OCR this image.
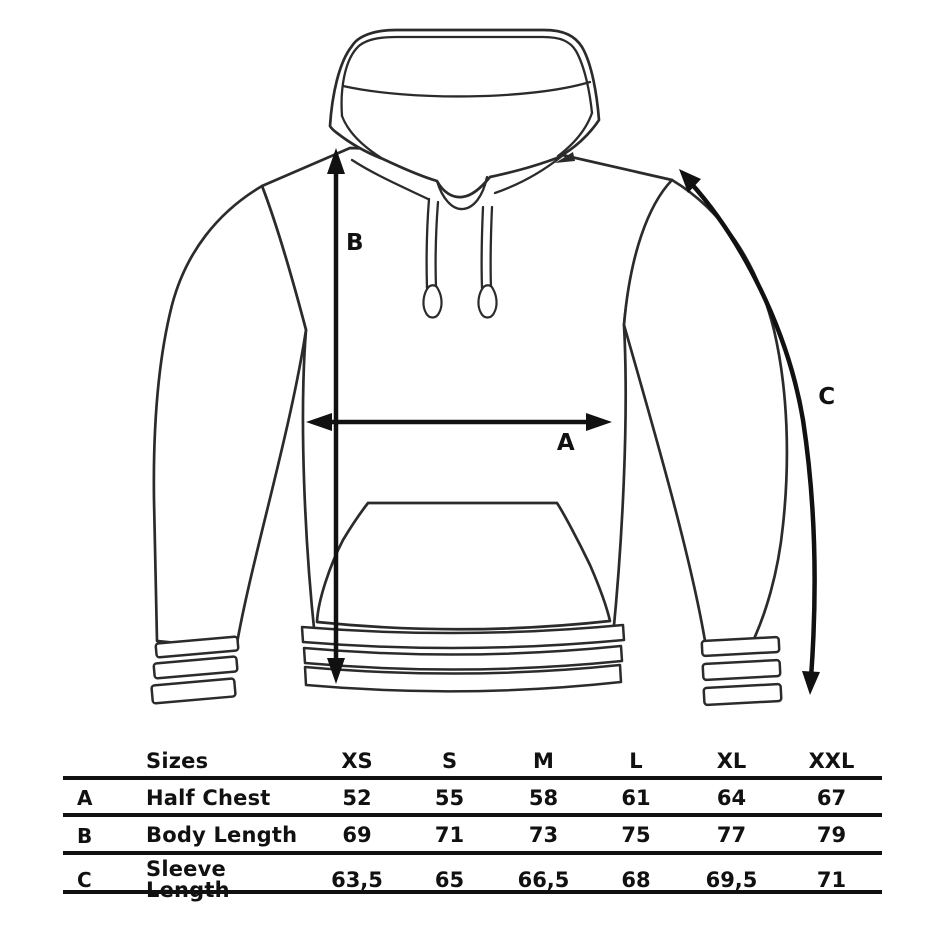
A
B
C
Sizes	XS	S	M	L	XL	XXL
A	Half Chest	52	55	58	61	64	67
B	Body Length	69	71	73	75	77	79
C	Sleeve Length	63,5	65	66,5	68	69,5	71
